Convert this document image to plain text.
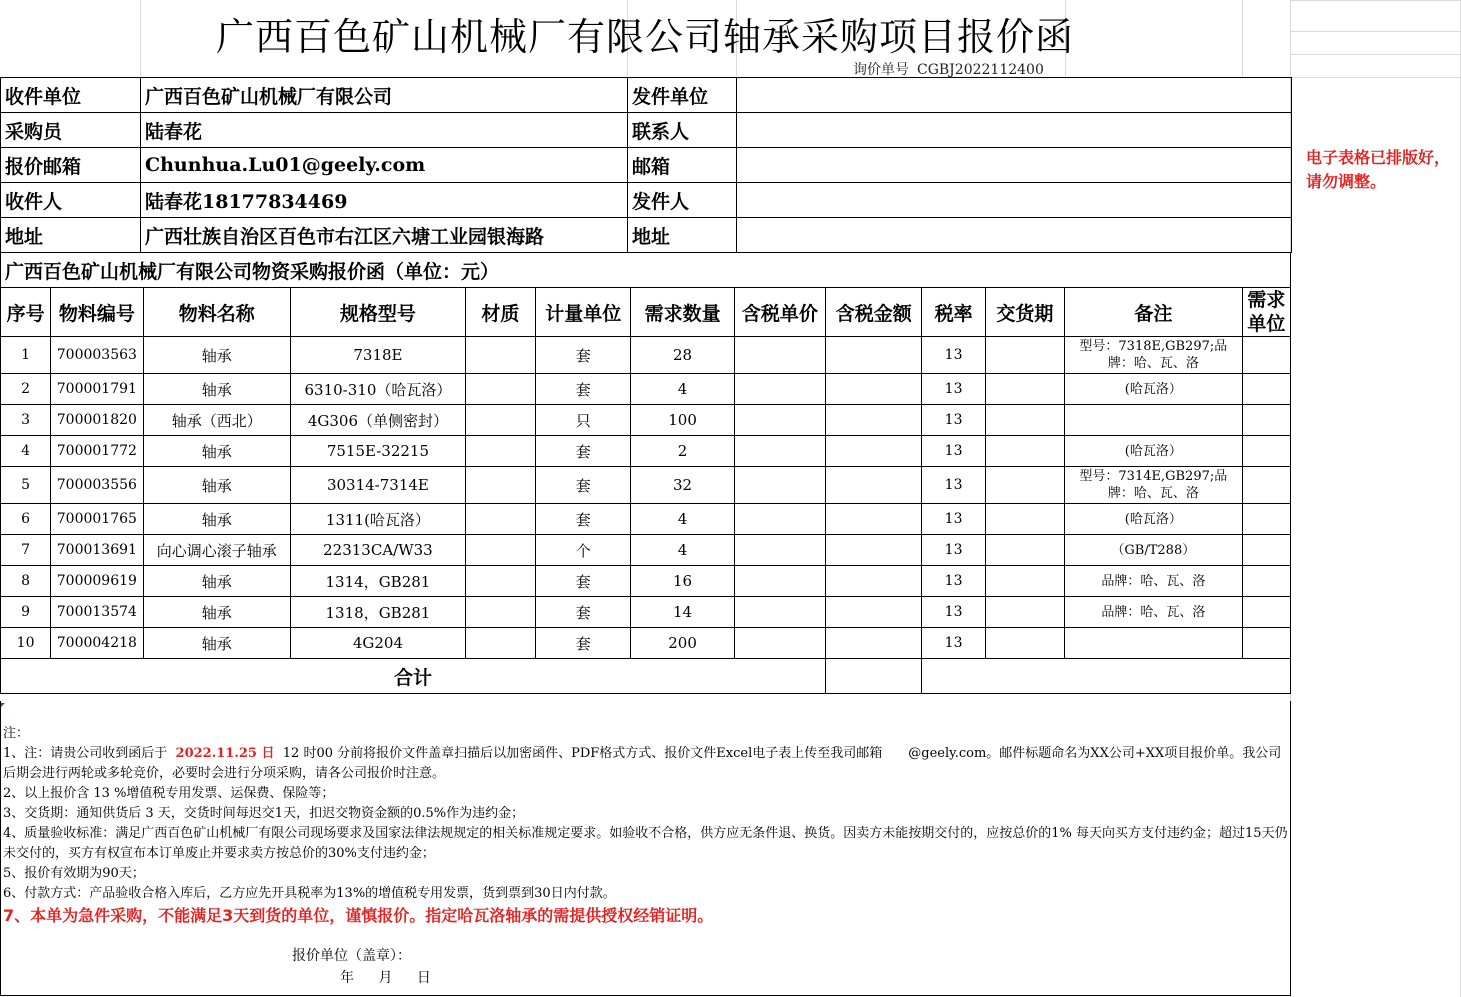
广西百色矿山机械厂有限公司轴承采购项目报价函
询价单号 CGBJ2022112400
电子表格已排版好，请勿调整。
收件单位	广西百色矿山机械厂有限公司	发件单位	
采购员	陆春花	联系人	
报价邮箱	Chunhua.Lu01@geely.com	邮箱	
收件人	陆春花18177834469	发件人	
地址	广西壮族自治区百色市右江区六塘工业园银海路	地址	
广西百色矿山机械厂有限公司物资采购报价函（单位：元）												
序号	物料编号	物料名称	规格型号	材质	计量单位	需求数量	含税单价	含税金额	税率	交货期	备注	需求单位
1	700003563	轴承	7318E		套	28			13		型号：7318E,GB297;品牌：哈、瓦、洛	
2	700001791	轴承	6310-310（哈瓦洛）		套	4			13		(哈瓦洛）	
3	700001820	轴承（西北）	4G306（单侧密封）		只	100			13			
4	700001772	轴承	7515E-32215		套	2			13		(哈瓦洛）	
5	700003556	轴承	30314-7314E		套	32			13		型号：7314E,GB297;品牌：哈、瓦、洛	
6	700001765	轴承	1311(哈瓦洛）		套	4			13		(哈瓦洛）	
7	700013691	向心调心滚子轴承	22313CA/W33		个	4			13		（GB/T288）	
8	700009619	轴承	1314，GB281		套	16			13		品牌：哈、瓦、洛	
9	700013574	轴承	1318，GB281		套	14			13		品牌：哈、瓦、洛	
10	700004218	轴承	4G204		套	200			13			
合计												

注：

1、注：请贵公司收到函后于 2022.11.25 日 12 时00 分前将报价文件盖章扫描后以加密函件、PDF格式方式、报价文件Excel电子表上传至我司邮箱　　@geely.com。邮件标题命名为XX公司+XX项目报价单。我公司后期会进行两轮或多轮竞价，必要时会进行分项采购，请各公司报价时注意。

2、以上报价含 13 %增值税专用发票、运保费、保险等；

3、交货期：通知供货后 3 天，交货时间每迟交1天，扣迟交物资金额的0.5%作为违约金；

4、质量验收标准：满足广西百色矿山机械厂有限公司现场要求及国家法律法规规定的相关标准规定要求。如验收不合格，供方应无条件退、换货。因卖方未能按期交付的，应按总价的1% 每天向买方支付违约金；超过15天仍未交付的，买方有权宣布本订单废止并要求卖方按总价的30%支付违约金；

5、报价有效期为90天；

6、付款方式：产品验收合格入库后，乙方应先开具税率为13%的增值税专用发票，货到票到30日内付款。

7、本单为急件采购，不能满足3天到货的单位，谨慎报价。指定哈瓦洛轴承的需提供授权经销证明。

报价单位（盖章）：
年 月 日
